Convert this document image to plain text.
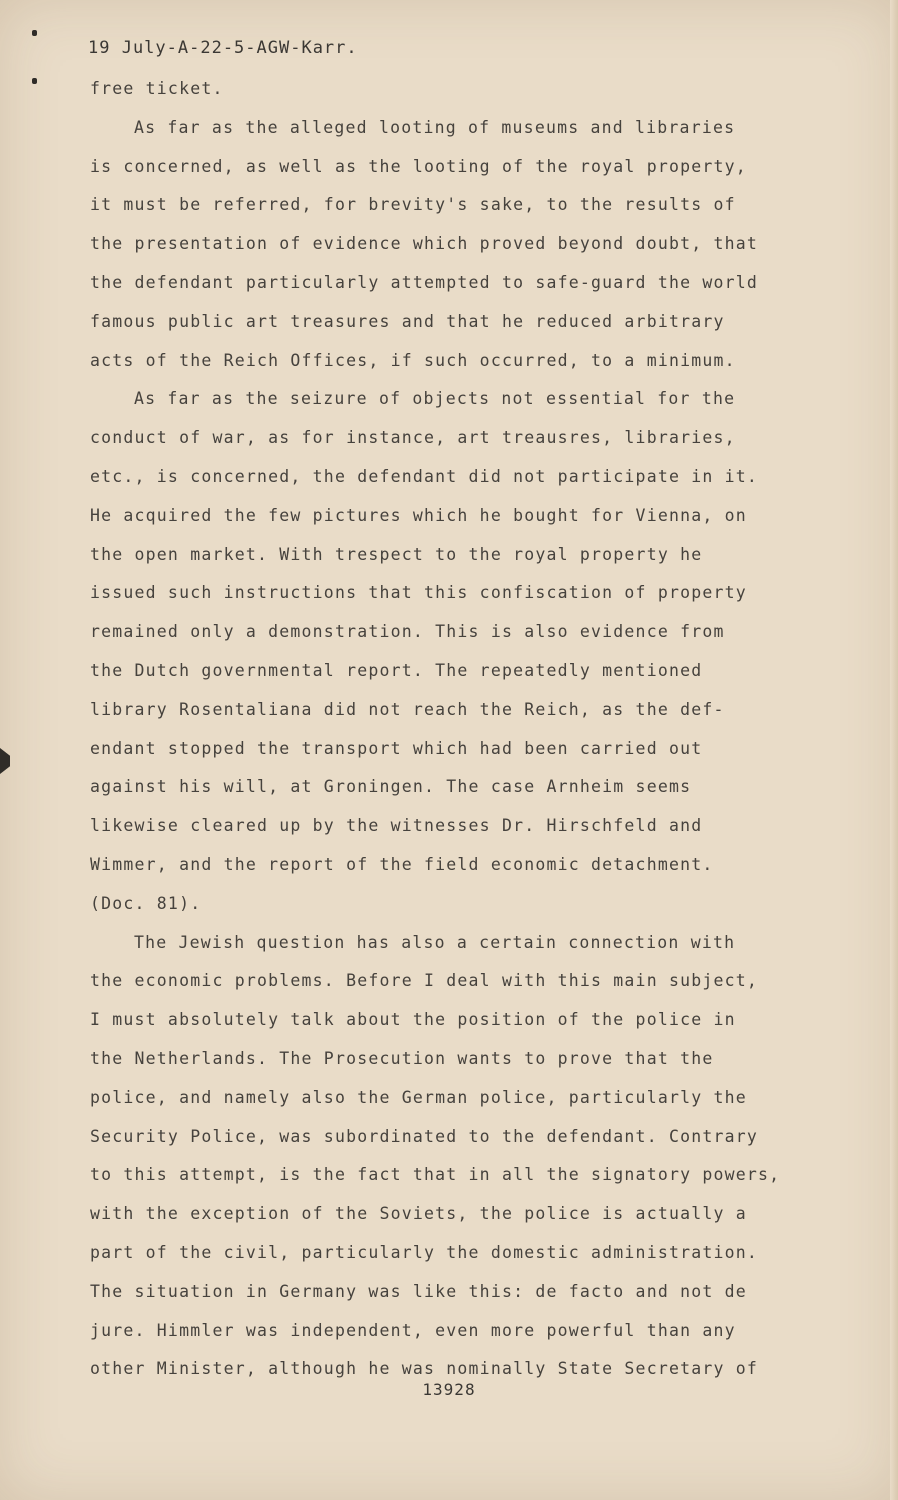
19 July-A-22-5-AGW-Karr.
free ticket.
As far as the alleged looting of museums and libraries
is concerned, as well as the looting of the royal property,
it must be referred, for brevity's sake, to the results of
the presentation of evidence which proved beyond doubt, that
the defendant particularly attempted to safe-guard the world
famous public art treasures and that he reduced arbitrary
acts of the Reich Offices, if such occurred, to a minimum.
As far as the seizure of objects not essential for the
conduct of war, as for instance, art treausres, libraries,
etc., is concerned, the defendant did not participate in it.
He acquired the few pictures which he bought for Vienna, on
the open market. With trespect to the royal property he
issued such instructions that this confiscation of property
remained only a demonstration. This is also evidence from
the Dutch governmental report. The repeatedly mentioned
library Rosentaliana did not reach the Reich, as the def-
endant stopped the transport which had been carried out
against his will, at Groningen. The case Arnheim seems
likewise cleared up by the witnesses Dr. Hirschfeld and
Wimmer, and the report of the field economic detachment.
(Doc. 81).
The Jewish question has also a certain connection with
the economic problems. Before I deal with this main subject,
I must absolutely talk about the position of the police in
the Netherlands. The Prosecution wants to prove that the
police, and namely also the German police, particularly the
Security Police, was subordinated to the defendant. Contrary
to this attempt, is the fact that in all the signatory powers,
with the exception of the Soviets, the police is actually a
part of the civil, particularly the domestic administration.
The situation in Germany was like this: de facto and not de
jure. Himmler was independent, even more powerful than any
other Minister, although he was nominally State Secretary of
13928
